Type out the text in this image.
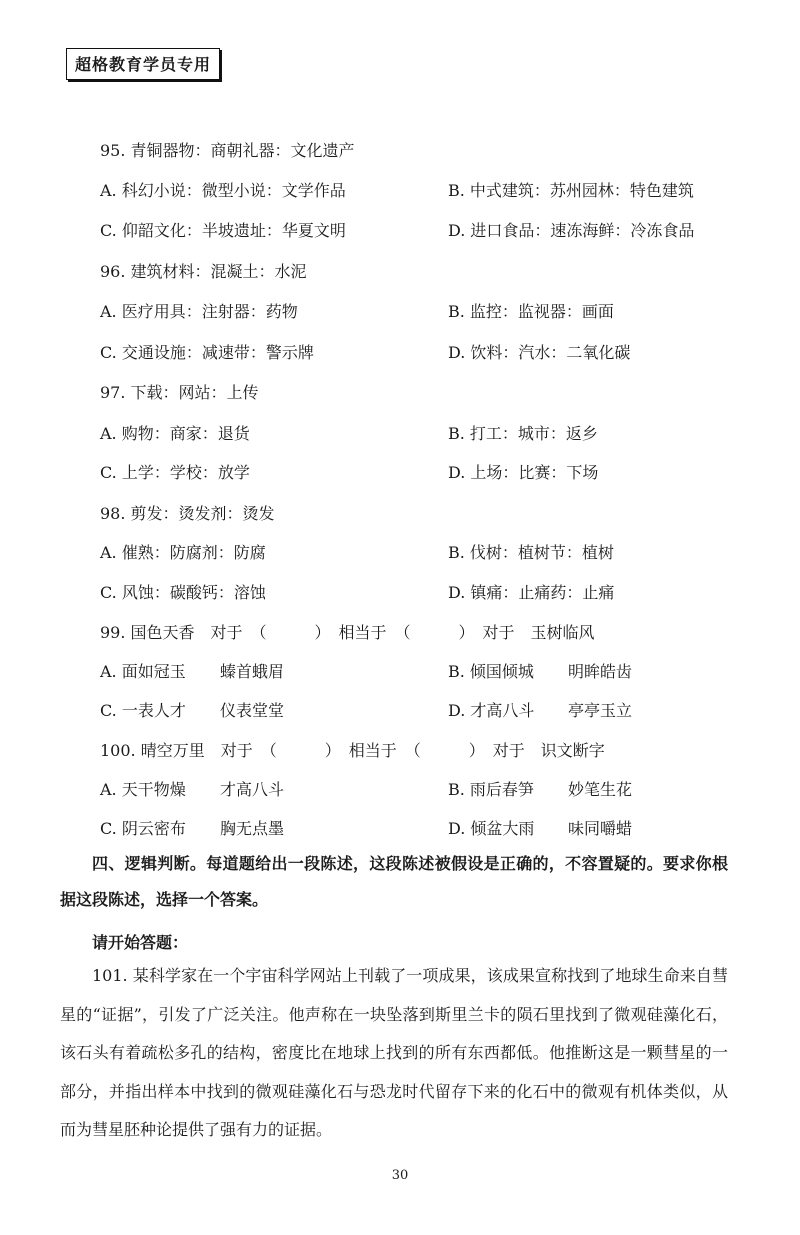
超格教育学员专用
95. 青铜器物：商朝礼器：文化遗产
A. 科幻小说：微型小说：文学作品	B. 中式建筑：苏州园林：特色建筑
C. 仰韶文化：半坡遗址：华夏文明	D. 进口食品：速冻海鲜：冷冻食品
96. 建筑材料：混凝土：水泥
A. 医疗用具：注射器：药物	B. 监控：监视器：画面
C. 交通设施：减速带：警示牌	D. 饮料：汽水：二氧化碳
97. 下载：网站：上传
A. 购物：商家：退货	B. 打工：城市：返乡
C. 上学：学校：放学	D. 上场：比赛：下场
98. 剪发：烫发剂：烫发
A. 催熟：防腐剂：防腐	B. 伐树：植树节：植树
C. 风蚀：碳酸钙：溶蚀	D. 镇痛：止痛药：止痛
99. 国色天香　对于　（　　　）　相当于　（　　　）　对于　玉树临风
A. 面如冠玉 螓首蛾眉	B. 倾国倾城 明眸皓齿
C. 一表人才 仪表堂堂	D. 才高八斗 亭亭玉立
100. 晴空万里　对于　（　　　）　相当于　（　　　）　对于　识文断字
A. 天干物燥 才高八斗	B. 雨后春笋 妙笔生花
C. 阴云密布 胸无点墨	D. 倾盆大雨 味同嚼蜡
四、逻辑判断。每道题给出一段陈述，这段陈述被假设是正确的，不容置疑的。要求你根据这段陈述，选择一个答案。
请开始答题：
101. 某科学家在一个宇宙科学网站上刊载了一项成果，该成果宣称找到了地球生命来自彗星的“证据”，引发了广泛关注。他声称在一块坠落到斯里兰卡的陨石里找到了微观硅藻化石，该石头有着疏松多孔的结构，密度比在地球上找到的所有东西都低。他推断这是一颗彗星的一部分，并指出样本中找到的微观硅藻化石与恐龙时代留存下来的化石中的微观有机体类似，从而为彗星胚种论提供了强有力的证据。
30
